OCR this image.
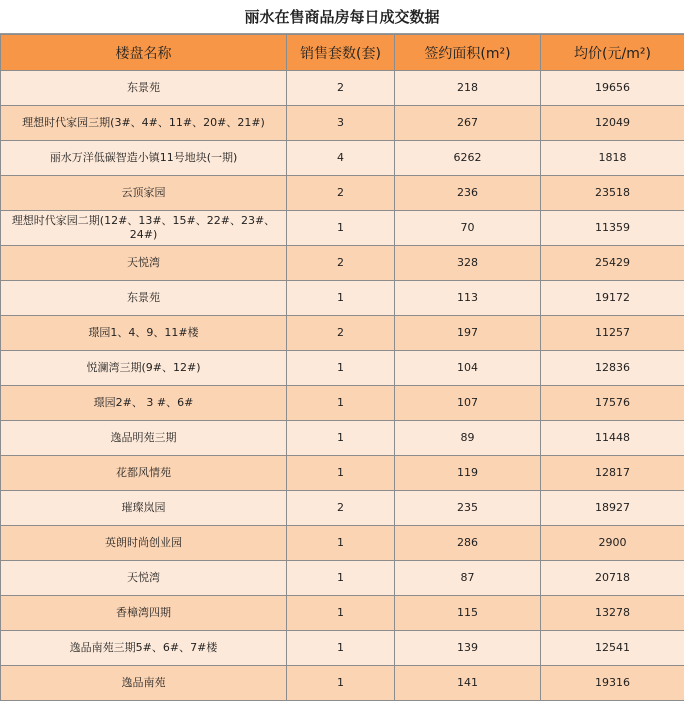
丽水在售商品房每日成交数据
楼盘名称	销售套数(套)	签约面积(m²)	均价(元/m²)
东景苑	2	218	19656
理想时代家园三期(3#、4#、11#、20#、21#)	3	267	12049
丽水万洋低碳智造小镇11号地块(一期)	4	6262	1818
云顶家园	2	236	23518
理想时代家园二期(12#、13#、15#、22#、23#、24#)	1	70	11359
天悦湾	2	328	25429
东景苑	1	113	19172
璟园1、4、9、11#楼	2	197	11257
悦澜湾三期(9#、12#)	1	104	12836
璟园2#、 3 #、6#	1	107	17576
逸品明苑三期	1	89	11448
花都风情苑	1	119	12817
璀璨岚园	2	235	18927
英朗时尚创业园	1	286	2900
天悦湾	1	87	20718
香樟湾四期	1	115	13278
逸品南苑三期5#、6#、7#楼	1	139	12541
逸品南苑	1	141	19316
